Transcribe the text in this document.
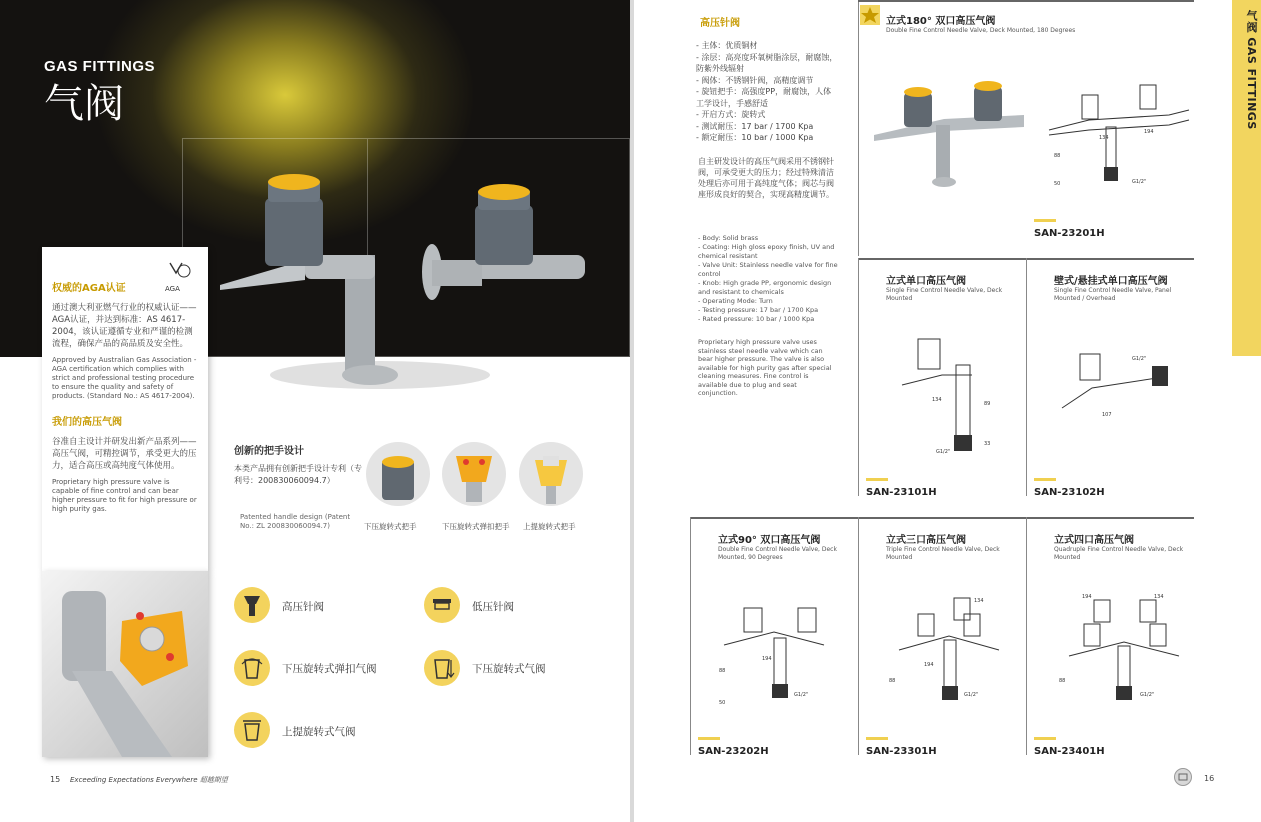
GAS FITTINGS
气阀
权威的AGA认证	AGA
通过澳大利亚燃气行业的权威认证——AGA认证，并达到标准：AS 4617-2004，该认证遵循专业和严谨的检测流程，确保产品的高品质及安全性。
Approved by Australian Gas Association - AGA certification which complies with strict and professional testing procedure to ensure the quality and safety of products. (Standard No.: AS 4617-2004).
我们的高压气阀
谷准自主设计并研发出新产品系列——高压气阀，可精控调节，承受更大的压力，适合高压或高纯度气体使用。
Proprietary high pressure valve is capable of fine control and can bear higher pressure to fit for high pressure or high purity gas.
创新的把手设计
本类产品拥有创新把手设计专利（专利号：200830060094.7）
Patented handle design (Patent No.: ZL 200830060094.7)	下压旋转式把手	下压旋转式弹扣把手 上提旋转式把手
高压针阀	低压针阀
下压旋转式弹扣气阀	下压旋转式气阀
上提旋转式气阀
15 Exceeding Expectations Everywhere 超越期望
高压针阀
- 主体：优质铜材
- 涂层：高亮度环氧树脂涂层，耐腐蚀，防紫外线辐射
- 阀体：不锈钢针阀，高精度调节
- 旋钮把手：高强度PP，耐腐蚀，人体工学设计，手感舒适
- 开启方式：旋转式
- 测试耐压：17 bar / 1700 Kpa
- 额定耐压：10 bar / 1000 Kpa
自主研发设计的高压气阀采用不锈钢针阀，可承受更大的压力；经过特殊清洁处理后亦可用于高纯度气体；阀芯与阀座形成良好的契合，实现高精度调节。
- Body: Solid brass
- Coating: High gloss epoxy finish, UV and chemical resistant
- Valve Unit: Stainless needle valve for fine control
- Knob: High grade PP, ergonomic design and resistant to chemicals
- Operating Mode: Turn
- Testing pressure: 17 bar / 1700 Kpa
- Rated pressure: 10 bar / 1000 Kpa
Proprietary high pressure valve uses stainless steel needle valve which can bear higher pressure. The valve is also available for high purity gas after special cleaning measures. Fine control is available due to plug and seat conjunction.
立式180° 双口高压气阀
Double Fine Control Needle Valve, Deck Mounted, 180 Degrees
134
194
88
50	G1/2"
SAN-23201H
立式单口高压气阀
Single Fine Control Needle Valve, Deck Mounted
134
89
33
G1/2"
SAN-23101H
壁式/悬挂式单口高压气阀
Single Fine Control Needle Valve, Panel Mounted / Overhead
G1/2"
107
SAN-23102H
立式90° 双口高压气阀
Double Fine Control Needle Valve, Deck Mounted, 90 Degrees
194
88
50
G1/2"
SAN-23202H
立式三口高压气阀
Triple Fine Control Needle Valve, Deck Mounted
134
194
88
G1/2"
SAN-23301H
立式四口高压气阀
Quadruple Fine Control Needle Valve, Deck Mounted
194	134
88
G1/2"
SAN-23401H
气阀 GAS FITTINGS
16
